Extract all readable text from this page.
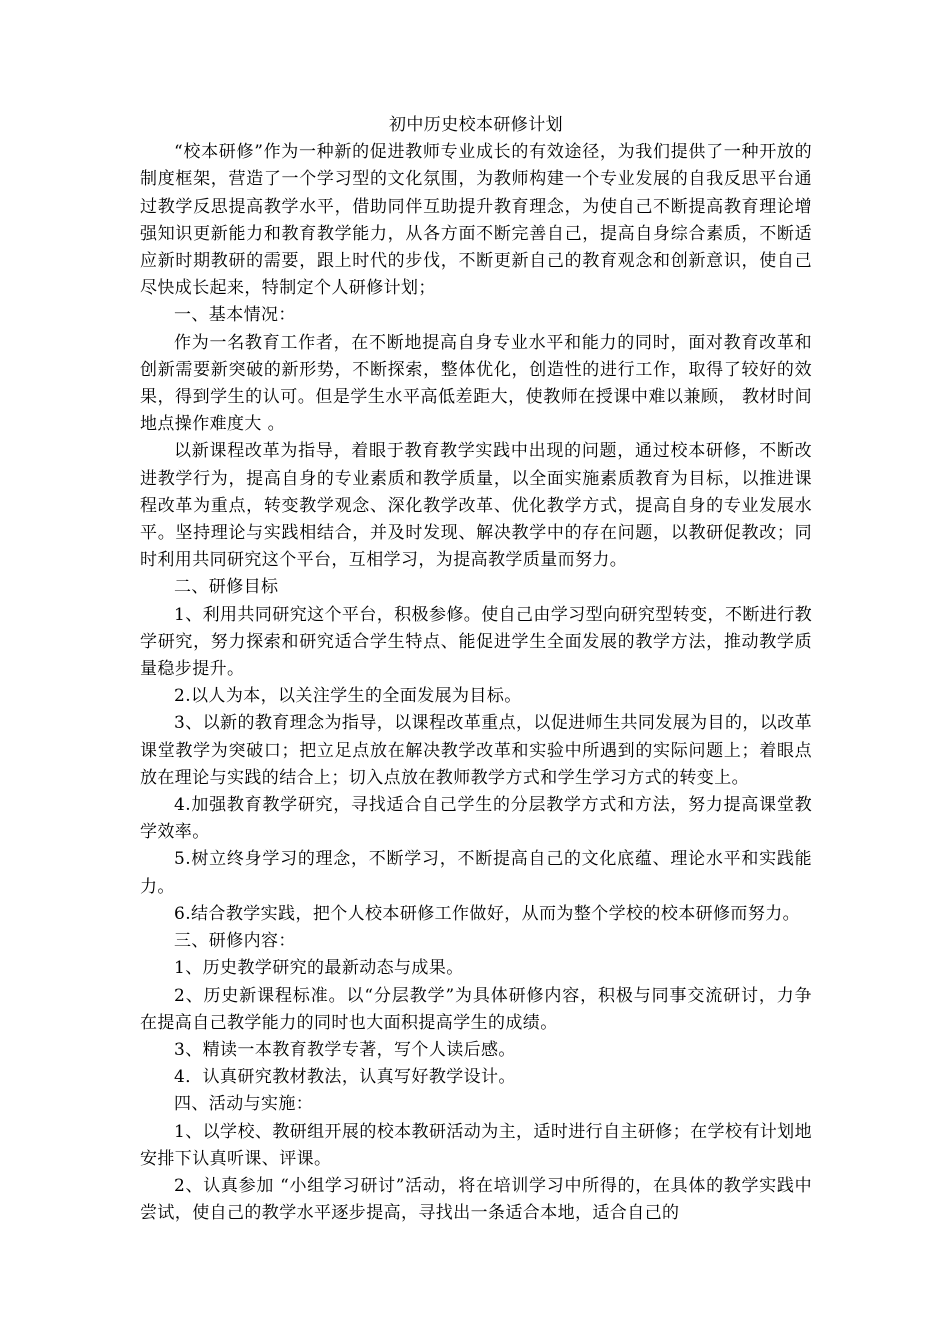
初中历史校本研修计划

“校本研修”作为一种新的促进教师专业成长的有效途径，为我们提供了一种开放的制度框架，营造了一个学习型的文化氛围，为教师构建一个专业发展的自我反思平台通过教学反思提高教学水平，借助同伴互助提升教育理念，为使自己不断提高教育理论增强知识更新能力和教育教学能力，从各方面不断完善自己，提高自身综合素质，不断适应新时期教研的需要，跟上时代的步伐，不断更新自己的教育观念和创新意识，使自己尽快成长起来，特制定个人研修计划；

一、基本情况：

作为一名教育工作者，在不断地提高自身专业水平和能力的同时，面对教育改革和创新需要新突破的新形势，不断探索，整体优化，创造性的进行工作，取得了较好的效果，得到学生的认可。但是学生水平高低差距大，使教师在授课中难以兼顾， 教材时间地点操作难度大 。

以新课程改革为指导，着眼于教育教学实践中出现的问题，通过校本研修，不断改进教学行为，提高自身的专业素质和教学质量，以全面实施素质教育为目标，以推进课程改革为重点，转变教学观念、深化教学改革、优化教学方式，提高自身的专业发展水平。坚持理论与实践相结合，并及时发现、解决教学中的存在问题，以教研促教改；同时利用共同研究这个平台，互相学习，为提高教学质量而努力。

二、研修目标

1、利用共同研究这个平台，积极参修。使自己由学习型向研究型转变，不断进行教学研究，努力探索和研究适合学生特点、能促进学生全面发展的教学方法，推动教学质量稳步提升。

2.以人为本，以关注学生的全面发展为目标。

3、以新的教育理念为指导，以课程改革重点，以促进师生共同发展为目的，以改革课堂教学为突破口；把立足点放在解决教学改革和实验中所遇到的实际问题上；着眼点放在理论与实践的结合上；切入点放在教师教学方式和学生学习方式的转变上。

4.加强教育教学研究，寻找适合自己学生的分层教学方式和方法，努力提高课堂教学效率。

5.树立终身学习的理念，不断学习，不断提高自己的文化底蕴、理论水平和实践能力。

6.结合教学实践，把个人校本研修工作做好，从而为整个学校的校本研修而努力。

三、研修内容：

1、历史教学研究的最新动态与成果。

2、历史新课程标准。以“分层教学”为具体研修内容，积极与同事交流研讨，力争在提高自己教学能力的同时也大面积提高学生的成绩。

3、精读一本教育教学专著，写个人读后感。

4．认真研究教材教法，认真写好教学设计。

四、活动与实施：

1、以学校、教研组开展的校本教研活动为主，适时进行自主研修；在学校有计划地安排下认真听课、评课。

2、认真参加 “小组学习研讨”活动，将在培训学习中所得的，在具体的教学实践中尝试，使自己的教学水平逐步提高，寻找出一条适合本地，适合自己的
